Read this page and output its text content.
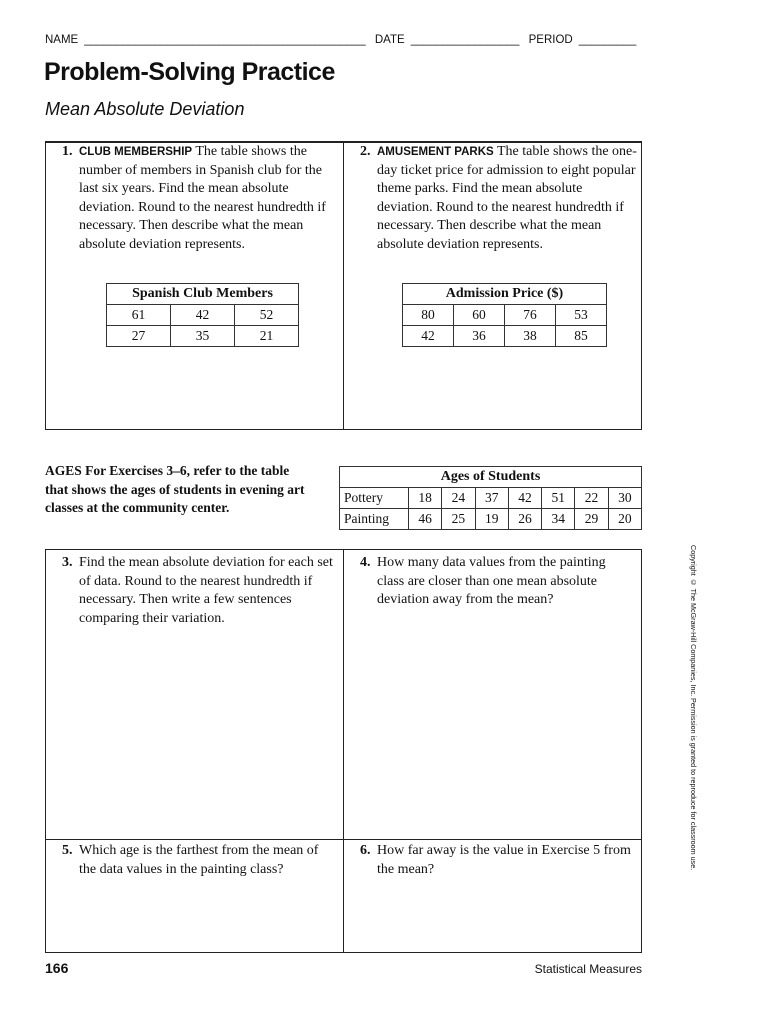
NAME ____________________________________________ DATE _________________ PERIOD _________
Problem-Solving Practice
Mean Absolute Deviation
1. CLUB MEMBERSHIP The table shows the number of members in Spanish club for the last six years. Find the mean absolute deviation. Round to the nearest hundredth if necessary. Then describe what the mean absolute deviation represents.
Spanish Club Members		
61	42	52
27	35	21
2. AMUSEMENT PARKS The table shows the one-day ticket price for admission to eight popular theme parks. Find the mean absolute deviation. Round to the nearest hundredth if necessary. Then describe what the mean absolute deviation represents.
Admission Price ($)			
80	60	76	53
42	36	38	85
AGES For Exercises 3–6, refer to the table that shows the ages of students in evening art classes at the community center.
Ages of Students							
Pottery	18	24	37	42	51	22	30
Painting	46	25	19	26	34	29	20
3. Find the mean absolute deviation for each set of data. Round to the nearest hundredth if necessary. Then write a few sentences comparing their variation.
4. How many data values from the painting class are closer than one mean absolute deviation away from the mean?
5. Which age is the farthest from the mean of the data values in the painting class?
6. How far away is the value in Exercise 5 from the mean?	Copyright © The McGraw-Hill Companies, Inc. Permission is granted to reproduce for classroom use.
166	Statistical Measures
